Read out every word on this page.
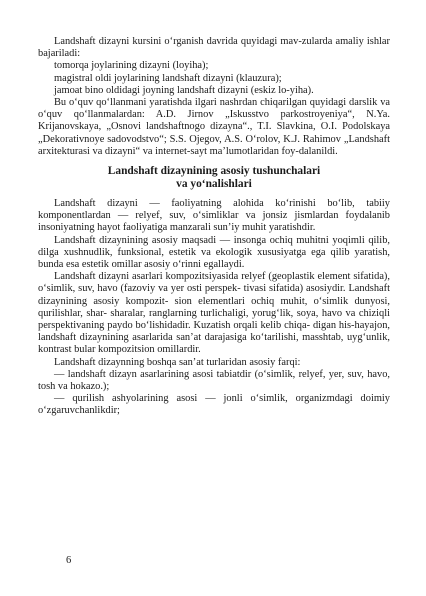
Landshaft dizayni kursini o‘rganish davrida quyidagi mav-zularda amaliy ishlar bajariladi:

tomorqa joylarining dizayni (loyiha);

magistral oldi joylarining landshaft dizayni (klauzura);

jamoat bino oldidagi joyning landshaft dizayni (eskiz lo-yiha).

Bu o‘quv qo‘llanmani yaratishda ilgari nashrdan chiqarilgan quyidagi darslik va o‘quv qo‘llanmalardan: A.D. Jirnov „Iskusstvo parkostroyeniya“, N.Ya. Krijanovskaya, „Osnovi landshaftnogo dizayna“., T.I. Slavkina, O.I. Podolskaya „Dekorativnoye sadovodstvo“; S.S. Ojegov, A.S. O‘rolov, K.J. Rahimov „Landshaft arxitekturasi va dizayni“ va internet-sayt ma’lumotlaridan foy-dalanildi.

Landshaft dizaynining asosiy tushunchalari
va yo‘nalishlari

Landshaft dizayni — faoliyatning alohida ko‘rinishi bo‘lib, tabiiy komponentlardan — relyef, suv, o‘simliklar va jonsiz jismlardan foydalanib insoniyatning hayot faoliyatiga manzarali sun’iy muhit yaratishdir.

Landshaft dizaynining asosiy maqsadi — insonga ochiq muhitni yoqimli qilib, dilga xushnudlik, funksional, estetik va ekologik xususiyatga ega qilib yaratish, bunda esa estetik omillar asosiy o‘rinni egallaydi.

Landshaft dizayni asarlari kompozitsiyasida relyef (geoplastik element sifatida), o‘simlik, suv, havo (fazoviy va yer osti perspek- tivasi sifatida) asosiydir. Landshaft dizaynining asosiy kompozit- sion elementlari ochiq muhit, o‘simlik dunyosi, qurilishlar, shar- sharalar, ranglarning turlichaligi, yorug‘lik, soya, havo va chiziqli perspektivaning paydo bo‘lishidadir. Kuzatish orqali kelib chiqa- digan his-hayajon, landshaft dizaynining asarlarida san’at darajasiga ko‘tarilishi, masshtab, uyg‘unlik, kontrast bular kompozitsion omillardir.

Landshaft dizaynning boshqa san’at turlaridan asosiy farqi:

— landshaft dizayn asarlarining asosi tabiatdir (o‘simlik, relyef, yer, suv, havo, tosh va hokazo.);

— qurilish ashyolarining asosi — jonli o‘simlik, organizmdagi doimiy o‘zgaruvchanlikdir;

6
